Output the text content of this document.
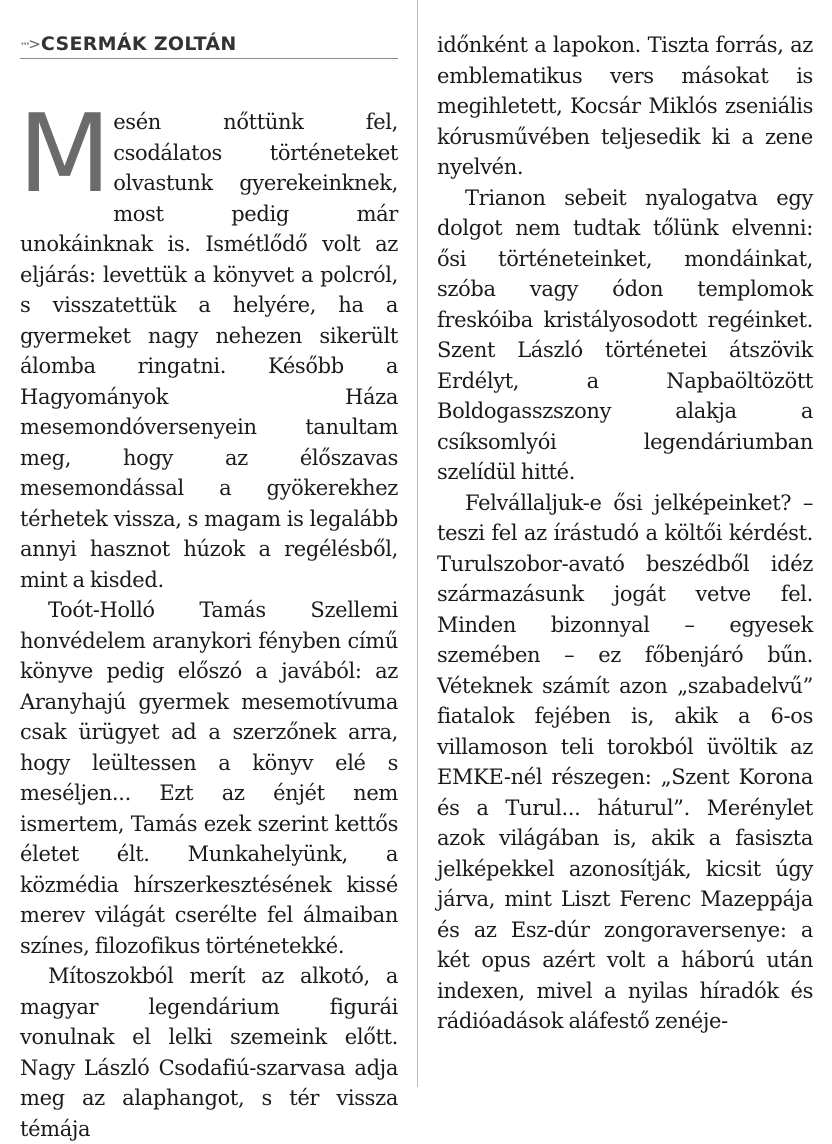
···> CSERMÁK ZOLTÁN

Mesén nőttünk fel, csodálatos történeteket olvastunk gyerekeinknek, most pedig már unokáinknak is. Ismétlődő volt az eljárás: levettük a könyvet a polcról, s visszatettük a helyére, ha a gyermeket nagy nehezen sikerült álomba ringatni. Később a Hagyományok Háza mesemondóversenyein tanultam meg, hogy az élőszavas mesemondással a gyökerekhez térhetek vissza, s magam is legalább annyi hasznot húzok a regélésből, mint a kisded.

Toót-Holló Tamás Szellemi honvédelem aranykori fényben című könyve pedig előszó a javából: az Aranyhajú gyermek mesemotívuma csak ürügyet ad a szerzőnek arra, hogy leültessen a könyv elé s meséljen... Ezt az énjét nem ismertem, Tamás ezek szerint kettős életet élt. Munkahelyünk, a közmédia hírszerkesztésének kissé merev világát cserélte fel álmaiban színes, filozofikus történetekké.

Mítoszokból merít az alkotó, a magyar legendárium figurái vonulnak el lelki szemeink előtt. Nagy László Csodafiú-szarvasa adja meg az alaphangot, s tér vissza témája

időnként a lapokon. Tiszta forrás, az emblematikus vers másokat is megihletett, Kocsár Miklós zseniális kórusművében teljesedik ki a zene nyelvén.

Trianon sebeit nyalogatva egy dolgot nem tudtak tőlünk elvenni: ősi történeteinket, mondáinkat, szóba vagy ódon templomok freskóiba kristályosodott regéinket. Szent László történetei átszövik Erdélyt, a Napbaöltözött Boldogasszszony alakja a csíksomlyói legendáriumban szelídül hitté.

Felvállaljuk-e ősi jelképeinket? – teszi fel az írástudó a költői kérdést. Turulszobor-avató beszédből idéz származásunk jogát vetve fel. Minden bizonnyal – egyesek szemében – ez főbenjáró bűn. Véteknek számít azon „szabadelvű” fiatalok fejében is, akik a 6-os villamoson teli torokból üvöltik az EMKE-nél részegen: „Szent Korona és a Turul... háturul”. Merénylet azok világában is, akik a fasiszta jelképekkel azonosítják, kicsit úgy járva, mint Liszt Ferenc Mazeppája és az Esz-dúr zongoraversenye: a két opus azért volt a háború után indexen, mivel a nyilas híradók és rádióadások aláfestő zenéje-
